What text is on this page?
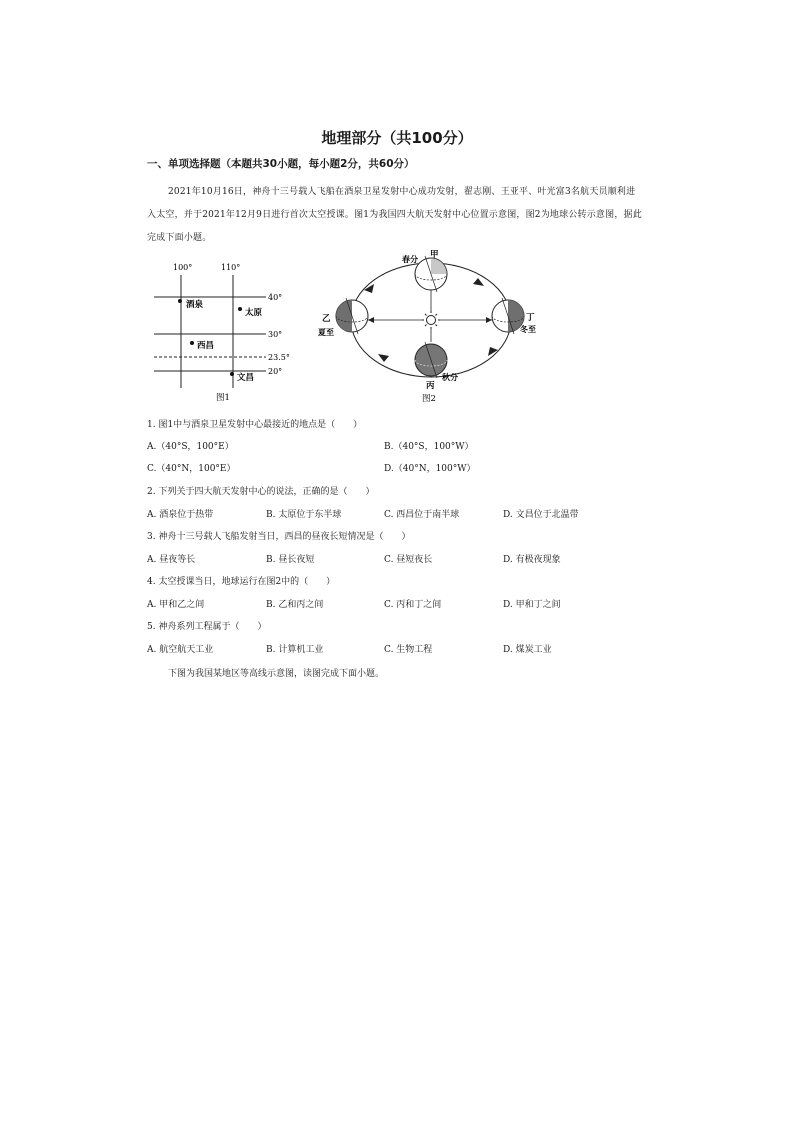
地理部分（共100分）
一、单项选择题（本题共30小题，每小题2分，共60分）
2021年10月16日，神舟十三号载人飞船在酒泉卫星发射中心成功发射，翟志刚、王亚平、叶光富3名航天员顺利进入太空，并于2021年12月9日进行首次太空授课。图1为我国四大航天发射中心位置示意图，图2为地球公转示意图，据此完成下面小题。
100°	110°
40°
30°
23.5°
20°
酒泉
太原
西昌
文昌
图1
甲
春分
乙
夏至
丙
秋分
丁
冬至
图2
1. 图1中与酒泉卫星发射中心最接近的地点是（　　）
A.（40°S，100°E）	B.（40°S，100°W）
C.（40°N，100°E）	D.（40°N，100°W）
2. 下列关于四大航天发射中心的说法，正确的是（　　）
A. 酒泉位于热带	B. 太原位于东半球	C. 西昌位于南半球	D. 文昌位于北温带
3. 神舟十三号载人飞船发射当日，西昌的昼夜长短情况是（　　）
A. 昼夜等长	B. 昼长夜短	C. 昼短夜长	D. 有极夜现象
4. 太空授课当日，地球运行在图2中的（　　）
A. 甲和乙之间	B. 乙和丙之间	C. 丙和丁之间	D. 甲和丁之间
5. 神舟系列工程属于（　　）
A. 航空航天工业	B. 计算机工业	C. 生物工程	D. 煤炭工业
下图为我国某地区等高线示意图，读图完成下面小题。
